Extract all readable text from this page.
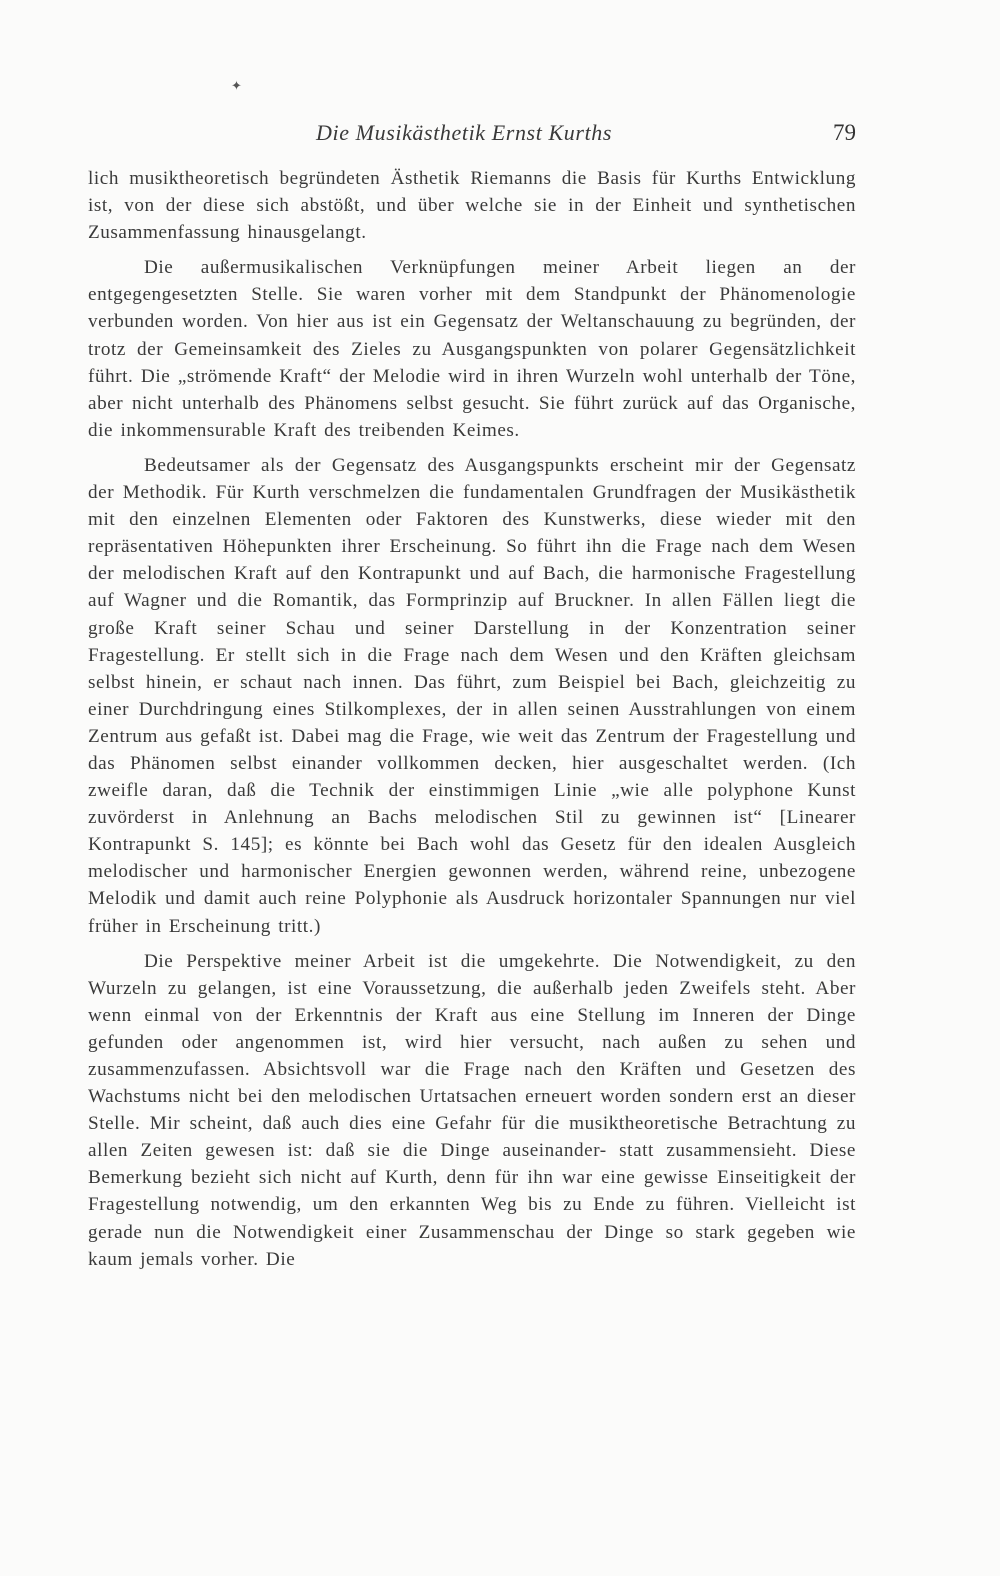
✦
Die Musikästhetik Ernst Kurths	79

lich musiktheoretisch begründeten Ästhetik Riemanns die Basis für Kurths Entwicklung ist, von der diese sich abstößt, und über welche sie in der Einheit und synthetischen Zusammenfassung hinausgelangt.

Die außermusikalischen Verknüpfungen meiner Arbeit liegen an der entgegengesetzten Stelle. Sie waren vorher mit dem Standpunkt der Phänomenologie verbunden worden. Von hier aus ist ein Gegensatz der Weltanschauung zu begründen, der trotz der Gemeinsamkeit des Zieles zu Ausgangspunkten von polarer Gegensätzlichkeit führt. Die „strömende Kraft“ der Melodie wird in ihren Wurzeln wohl unterhalb der Töne, aber nicht unterhalb des Phänomens selbst gesucht. Sie führt zurück auf das Organische, die inkommensurable Kraft des treibenden Keimes.

Bedeutsamer als der Gegensatz des Ausgangspunkts erscheint mir der Gegensatz der Methodik. Für Kurth verschmelzen die fundamentalen Grundfragen der Musikästhetik mit den einzelnen Elementen oder Faktoren des Kunstwerks, diese wieder mit den repräsentativen Höhepunkten ihrer Erscheinung. So führt ihn die Frage nach dem Wesen der melodischen Kraft auf den Kontrapunkt und auf Bach, die harmonische Fragestellung auf Wagner und die Romantik, das Formprinzip auf Bruckner. In allen Fällen liegt die große Kraft seiner Schau und seiner Darstellung in der Konzentration seiner Fragestellung. Er stellt sich in die Frage nach dem Wesen und den Kräften gleichsam selbst hinein, er schaut nach innen. Das führt, zum Beispiel bei Bach, gleichzeitig zu einer Durchdringung eines Stilkomplexes, der in allen seinen Ausstrahlungen von einem Zentrum aus gefaßt ist. Dabei mag die Frage, wie weit das Zentrum der Fragestellung und das Phänomen selbst einander vollkommen decken, hier ausgeschaltet werden. (Ich zweifle daran, daß die Technik der einstimmigen Linie „wie alle polyphone Kunst zuvörderst in Anlehnung an Bachs melodischen Stil zu gewinnen ist“ [Linearer Kontrapunkt S. 145]; es könnte bei Bach wohl das Gesetz für den idealen Ausgleich melodischer und harmonischer Energien gewonnen werden, während reine, unbezogene Melodik und damit auch reine Polyphonie als Ausdruck horizontaler Spannungen nur viel früher in Erscheinung tritt.)

Die Perspektive meiner Arbeit ist die umgekehrte. Die Notwendigkeit, zu den Wurzeln zu gelangen, ist eine Voraussetzung, die außerhalb jeden Zweifels steht. Aber wenn einmal von der Erkenntnis der Kraft aus eine Stellung im Inneren der Dinge gefunden oder angenommen ist, wird hier versucht, nach außen zu sehen und zusammenzufassen. Absichtsvoll war die Frage nach den Kräften und Gesetzen des Wachstums nicht bei den melodischen Urtatsachen erneuert worden sondern erst an dieser Stelle. Mir scheint, daß auch dies eine Gefahr für die musiktheoretische Betrachtung zu allen Zeiten gewesen ist: daß sie die Dinge auseinander- statt zusammensieht. Diese Bemerkung bezieht sich nicht auf Kurth, denn für ihn war eine gewisse Einseitigkeit der Fragestellung notwendig, um den erkannten Weg bis zu Ende zu führen. Vielleicht ist gerade nun die Notwendigkeit einer Zusammenschau der Dinge so stark gegeben wie kaum jemals vorher. Die
